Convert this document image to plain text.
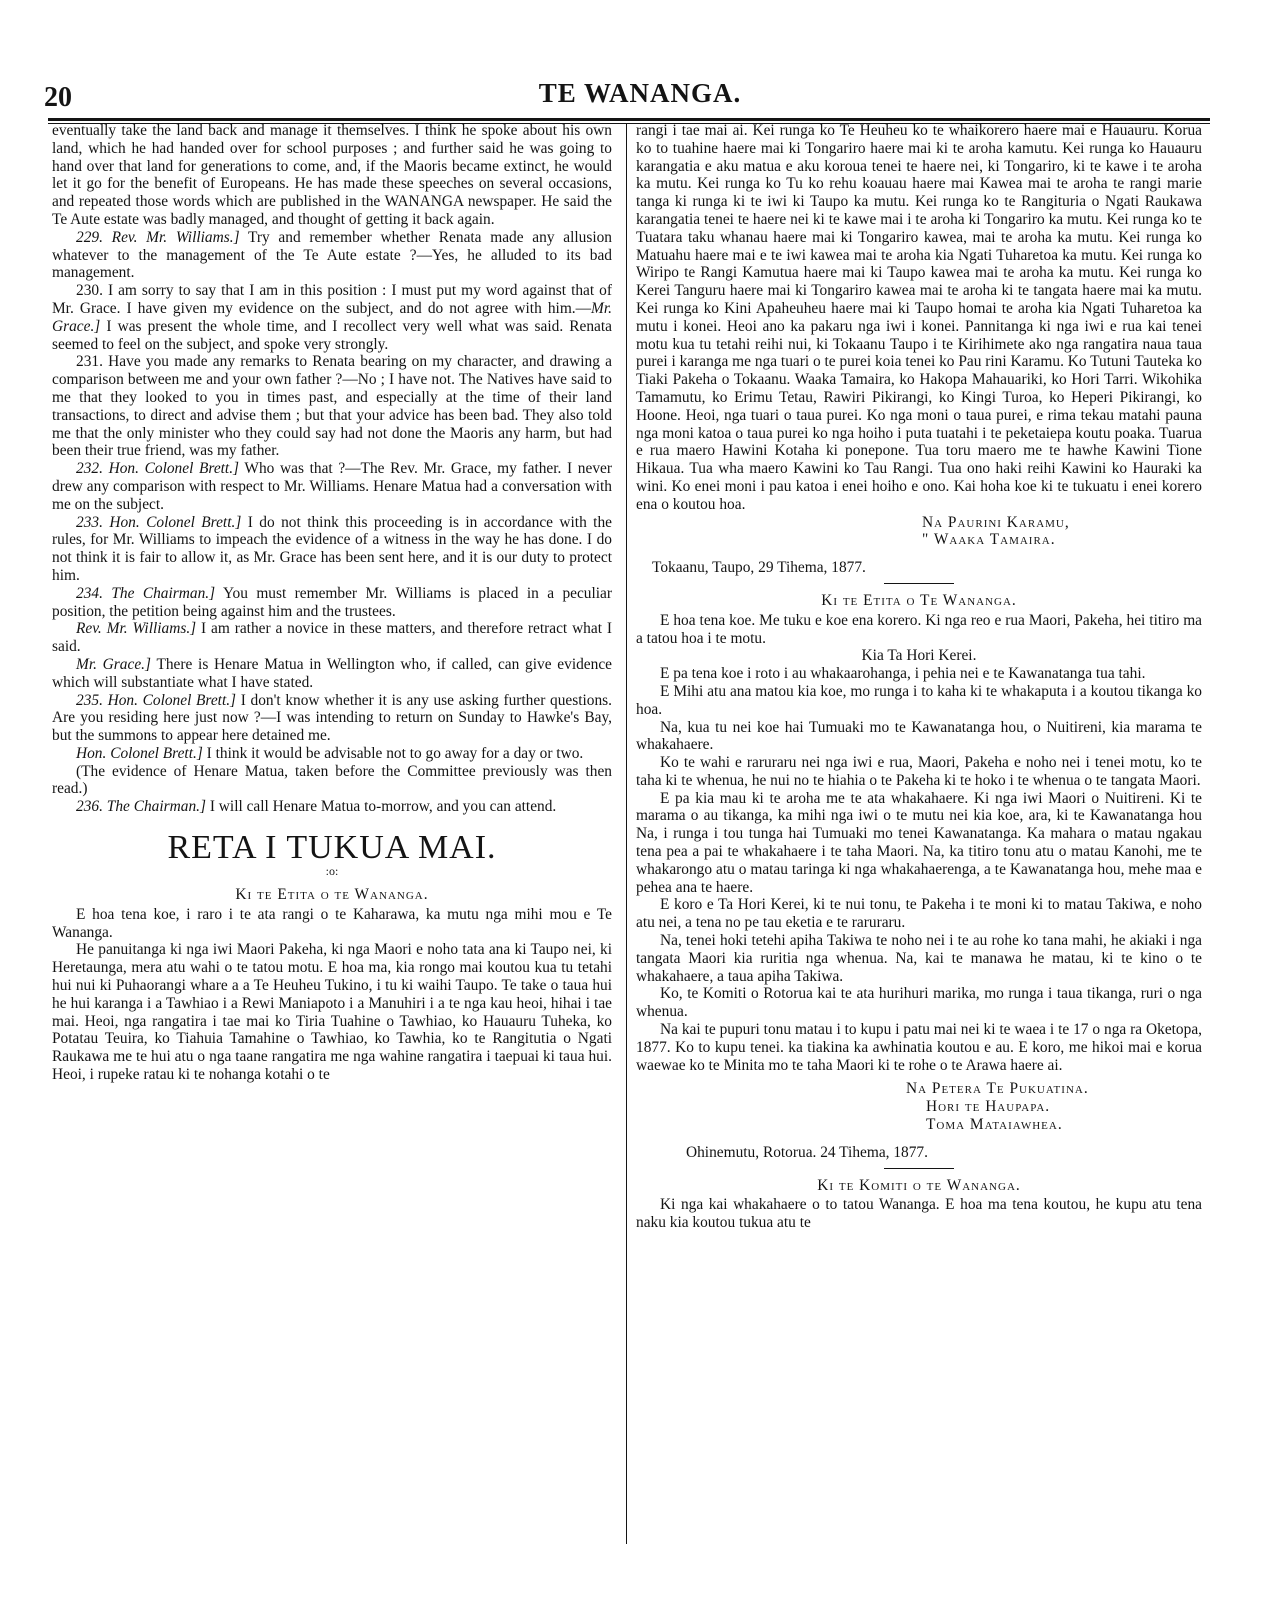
20	TE WANANGA.

eventually take the land back and manage it themselves. I think he spoke about his own land, which he had handed over for school purposes ; and further said he was going to hand over that land for generations to come, and, if the Maoris became extinct, he would let it go for the benefit of Europeans. He has made these speeches on several occasions, and repeated those words which are published in the WANANGA newspaper. He said the Te Aute estate was badly managed, and thought of getting it back again.

229. Rev. Mr. Williams.] Try and remember whether Renata made any allusion whatever to the management of the Te Aute estate ?—Yes, he alluded to its bad management.

230. I am sorry to say that I am in this position : I must put my word against that of Mr. Grace. I have given my evidence on the subject, and do not agree with him.—Mr. Grace.] I was present the whole time, and I recollect very well what was said. Renata seemed to feel on the subject, and spoke very strongly.

231. Have you made any remarks to Renata bearing on my character, and drawing a comparison between me and your own father ?—No ; I have not. The Natives have said to me that they looked to you in times past, and especially at the time of their land transactions, to direct and advise them ; but that your advice has been bad. They also told me that the only minister who they could say had not done the Maoris any harm, but had been their true friend, was my father.

232. Hon. Colonel Brett.] Who was that ?—The Rev. Mr. Grace, my father. I never drew any comparison with respect to Mr. Williams. Henare Matua had a conversation with me on the subject.

233. Hon. Colonel Brett.] I do not think this proceeding is in accordance with the rules, for Mr. Williams to impeach the evidence of a witness in the way he has done. I do not think it is fair to allow it, as Mr. Grace has been sent here, and it is our duty to protect him.

234. The Chairman.] You must remember Mr. Williams is placed in a peculiar position, the petition being against him and the trustees.

Rev. Mr. Williams.] I am rather a novice in these matters, and therefore retract what I said.

Mr. Grace.] There is Henare Matua in Wellington who, if called, can give evidence which will substantiate what I have stated.

235. Hon. Colonel Brett.] I don't know whether it is any use asking further questions. Are you residing here just now ?—I was intending to return on Sunday to Hawke's Bay, but the summons to appear here detained me.

Hon. Colonel Brett.] I think it would be advisable not to go away for a day or two.

(The evidence of Henare Matua, taken before the Committee previously was then read.)

236. The Chairman.] I will call Henare Matua to-morrow, and you can attend.

RETA I TUKUA MAI.
:o:
Ki te Etita o te Wananga.

E hoa tena koe, i raro i te ata rangi o te Kaharawa, ka mutu nga mihi mou e Te Wananga.

He panuitanga ki nga iwi Maori Pakeha, ki nga Maori e noho tata ana ki Taupo nei, ki Heretaunga, mera atu wahi o te tatou motu. E hoa ma, kia rongo mai koutou kua tu tetahi hui nui ki Puhaorangi whare a a Te Heuheu Tukino, i tu ki waihi Taupo. Te take o taua hui he hui karanga i a Tawhiao i a Rewi Maniapoto i a Manuhiri i a te nga kau heoi, hihai i tae mai. Heoi, nga rangatira i tae mai ko Tiria Tuahine o Tawhiao, ko Hauauru Tuheka, ko Potatau Teuira, ko Tiahuia Tamahine o Tawhiao, ko Tawhia, ko te Rangitutia o Ngati Raukawa me te hui atu o nga taane rangatira me nga wahine rangatira i taepuai ki taua hui. Heoi, i rupeke ratau ki te nohanga kotahi o te

rangi i tae mai ai. Kei runga ko Te Heuheu ko te whaikorero haere mai e Hauauru. Korua ko to tuahine haere mai ki Tongariro haere mai ki te aroha kamutu. Kei runga ko Hauauru karangatia e aku matua e aku koroua tenei te haere nei, ki Tongariro, ki te kawe i te aroha ka mutu. Kei runga ko Tu ko rehu koauau haere mai Kawea mai te aroha te rangi marie tanga ki runga ki te iwi ki Taupo ka mutu. Kei runga ko te Rangituria o Ngati Raukawa karangatia tenei te haere nei ki te kawe mai i te aroha ki Tongariro ka mutu. Kei runga ko te Tuatara taku whanau haere mai ki Tongariro kawea, mai te aroha ka mutu. Kei runga ko Matuahu haere mai e te iwi kawea mai te aroha kia Ngati Tuharetoa ka mutu. Kei runga ko Wiripo te Rangi Kamutua haere mai ki Taupo kawea mai te aroha ka mutu. Kei runga ko Kerei Tanguru haere mai ki Tongariro kawea mai te aroha ki te tangata haere mai ka mutu. Kei runga ko Kini Apaheuheu haere mai ki Taupo homai te aroha kia Ngati Tuharetoa ka mutu i konei. Heoi ano ka pakaru nga iwi i konei. Pannitanga ki nga iwi e rua kai tenei motu kua tu tetahi reihi nui, ki Tokaanu Taupo i te Kirihimete ako nga rangatira naua taua purei i karanga me nga tuari o te purei koia tenei ko Pau rini Karamu. Ko Tutuni Tauteka ko Tiaki Pakeha o Tokaanu. Waaka Tamaira, ko Hakopa Mahauariki, ko Hori Tarri. Wikohika Tamamutu, ko Erimu Tetau, Rawiri Pikirangi, ko Kingi Turoa, ko Heperi Pikirangi, ko Hoone. Heoi, nga tuari o taua purei. Ko nga moni o taua purei, e rima tekau matahi pauna nga moni katoa o taua purei ko nga hoiho i puta tuatahi i te peketaiepa koutu poaka. Tuarua e rua maero Hawini Kotaha ki ponepone. Tua toru maero me te hawhe Kawini Tione Hikaua. Tua wha maero Kawini ko Tau Rangi. Tua ono haki reihi Kawini ko Hauraki ka wini. Ko enei moni i pau katoa i enei hoiho e ono. Kai hoha koe ki te tukuatu i enei korero ena o koutou hoa.

Na Paurini Karamu,
" Waaka Tamaira.
Tokaanu, Taupo, 29 Tihema, 1877.
Ki te Etita o Te Wananga.

E hoa tena koe. Me tuku e koe ena korero. Ki nga reo e rua Maori, Pakeha, hei titiro ma a tatou hoa i te motu.

Kia Ta Hori Kerei.

E pa tena koe i roto i au whakaarohanga, i pehia nei e te Kawanatanga tua tahi.

E Mihi atu ana matou kia koe, mo runga i to kaha ki te whakaputa i a koutou tikanga ko hoa.

Na, kua tu nei koe hai Tumuaki mo te Kawanatanga hou, o Nuitireni, kia marama te whakahaere.

Ko te wahi e raruraru nei nga iwi e rua, Maori, Pakeha e noho nei i tenei motu, ko te taha ki te whenua, he nui no te hiahia o te Pakeha ki te hoko i te whenua o te tangata Maori.

E pa kia mau ki te aroha me te ata whakahaere. Ki nga iwi Maori o Nuitireni. Ki te marama o au tikanga, ka mihi nga iwi o te mutu nei kia koe, ara, ki te Kawanatanga hou Na, i runga i tou tunga hai Tumuaki mo tenei Kawanatanga. Ka mahara o matau ngakau tena pea a pai te whakahaere i te taha Maori. Na, ka titiro tonu atu o matau Kanohi, me te whakarongo atu o matau taringa ki nga whakahaerenga, a te Kawanatanga hou, mehe maa e pehea ana te haere.

E koro e Ta Hori Kerei, ki te nui tonu, te Pakeha i te moni ki to matau Takiwa, e noho atu nei, a tena no pe tau eketia e te raruraru.

Na, tenei hoki tetehi apiha Takiwa te noho nei i te au rohe ko tana mahi, he akiaki i nga tangata Maori kia ruritia nga whenua. Na, kai te manawa he matau, ki te kino o te whakahaere, a taua apiha Takiwa.

Ko, te Komiti o Rotorua kai te ata hurihuri marika, mo runga i taua tikanga, ruri o nga whenua.

Na kai te pupuri tonu matau i to kupu i patu mai nei ki te waea i te 17 o nga ra Oketopa, 1877. Ko to kupu tenei. ka tiakina ka awhinatia koutou e au. E koro, me hikoi mai e korua waewae ko te Minita mo te taha Maori ki te rohe o te Arawa haere ai.

Na Petera Te Pukuatina.
Hori te Haupapa.
Toma Mataiawhea.
Ohinemutu, Rotorua. 24 Tihema, 1877.
Ki te Komiti o te Wananga.

Ki nga kai whakahaere o to tatou Wananga. E hoa ma tena koutou, he kupu atu tena naku kia koutou tukua atu te
